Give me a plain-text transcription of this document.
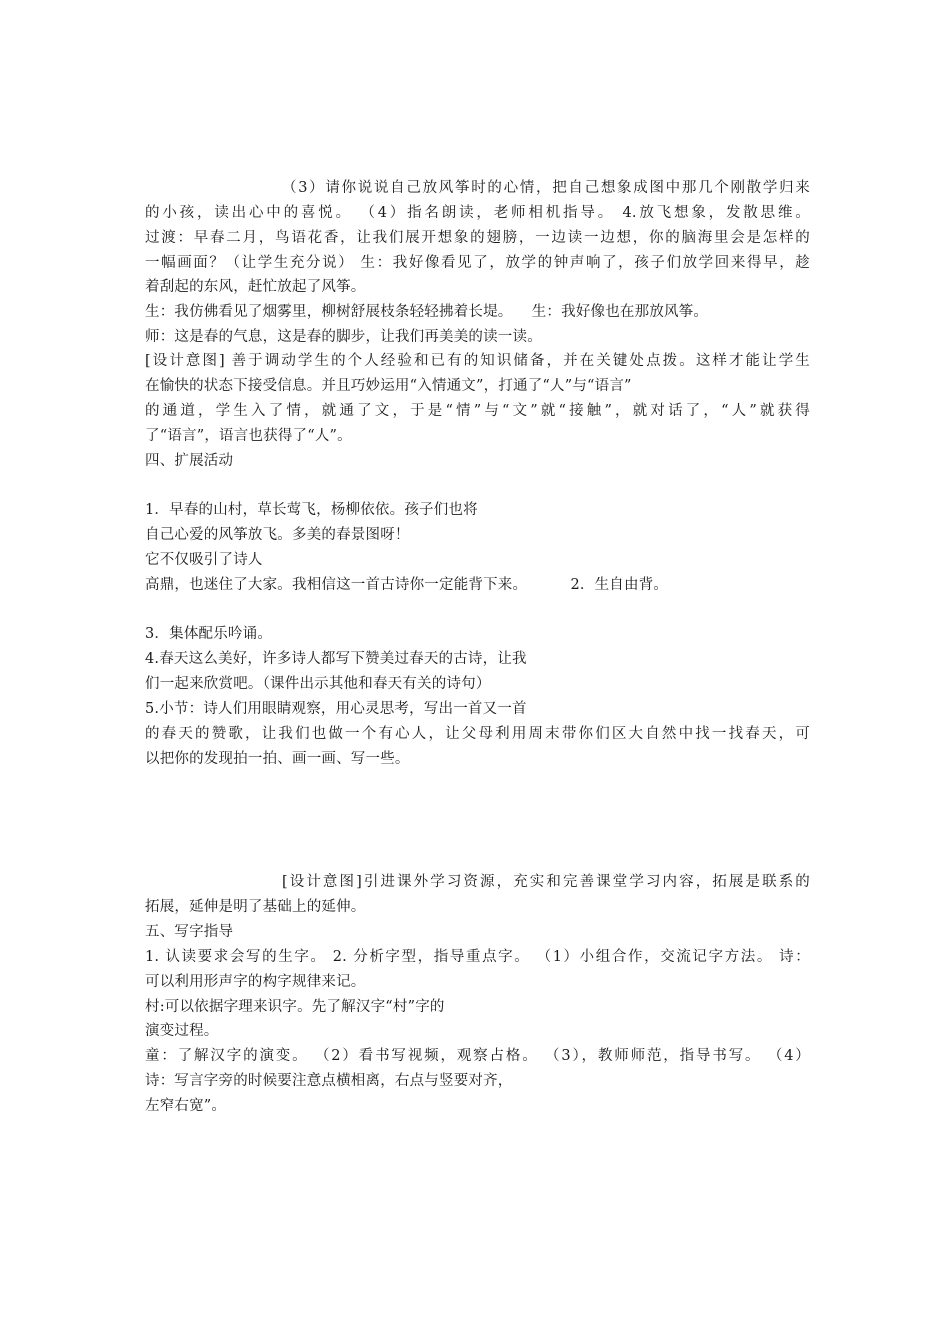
（3）请你说说自己放风筝时的心情，把自己想象成图中那几个刚散学归来
的小孩，读出心中的喜悦。 （4）指名朗读，老师相机指导。 4.放飞想象，发散思维。
过渡：早春二月，鸟语花香，让我们展开想象的翅膀，一边读一边想，你的脑海里会是怎样的
一幅画面？（让学生充分说） 生：我好像看见了，放学的钟声响了，孩子们放学回来得早，趁
着刮起的东风，赶忙放起了风筝。
生：我仿佛看见了烟雾里，柳树舒展枝条轻轻拂着长堤。    生：我好像也在那放风筝。
师：这是春的气息，这是春的脚步，让我们再美美的读一读。
[设计意图] 善于调动学生的个人经验和已有的知识储备，并在关键处点拨。这样才能让学生
在愉快的状态下接受信息。并且巧妙运用“入情通文”，打通了“人”与“语言”
的通道，学生入了情，就通了文，于是“情”与“文”就“接触”，就对话了，“人”就获得
了“语言”，语言也获得了“人”。
四、扩展活动
1．早春的山村，草长莺飞，杨柳依依。孩子们也将
自己心爱的风筝放飞。多美的春景图呀！
它不仅吸引了诗人
高鼎，也迷住了大家。我相信这一首古诗你一定能背下来。         2．生自由背。
3．集体配乐吟诵。
4.春天这么美好，许多诗人都写下赞美过春天的古诗，让我
们一起来欣赏吧。（课件出示其他和春天有关的诗句）
5.小节：诗人们用眼睛观察，用心灵思考，写出一首又一首
的春天的赞歌，让我们也做一个有心人，让父母利用周末带你们区大自然中找一找春天，可
以把你的发现拍一拍、画一画、写一些。
[设计意图]引进课外学习资源，充实和完善课堂学习内容，拓展是联系的
拓展，延伸是明了基础上的延伸。
五、写字指导
1. 认读要求会写的生字。 2. 分析字型，指导重点字。 （1）小组合作，交流记字方法。 诗：
可以利用形声字的构字规律来记。
村:可以依据字理来识字。先了解汉字“村”字的
演变过程。
童：了解汉字的演变。 （2）看书写视频，观察占格。 （3），教师师范，指导书写。 （4）
诗：写言字旁的时候要注意点横相离，右点与竖要对齐，
左窄右宽”。
